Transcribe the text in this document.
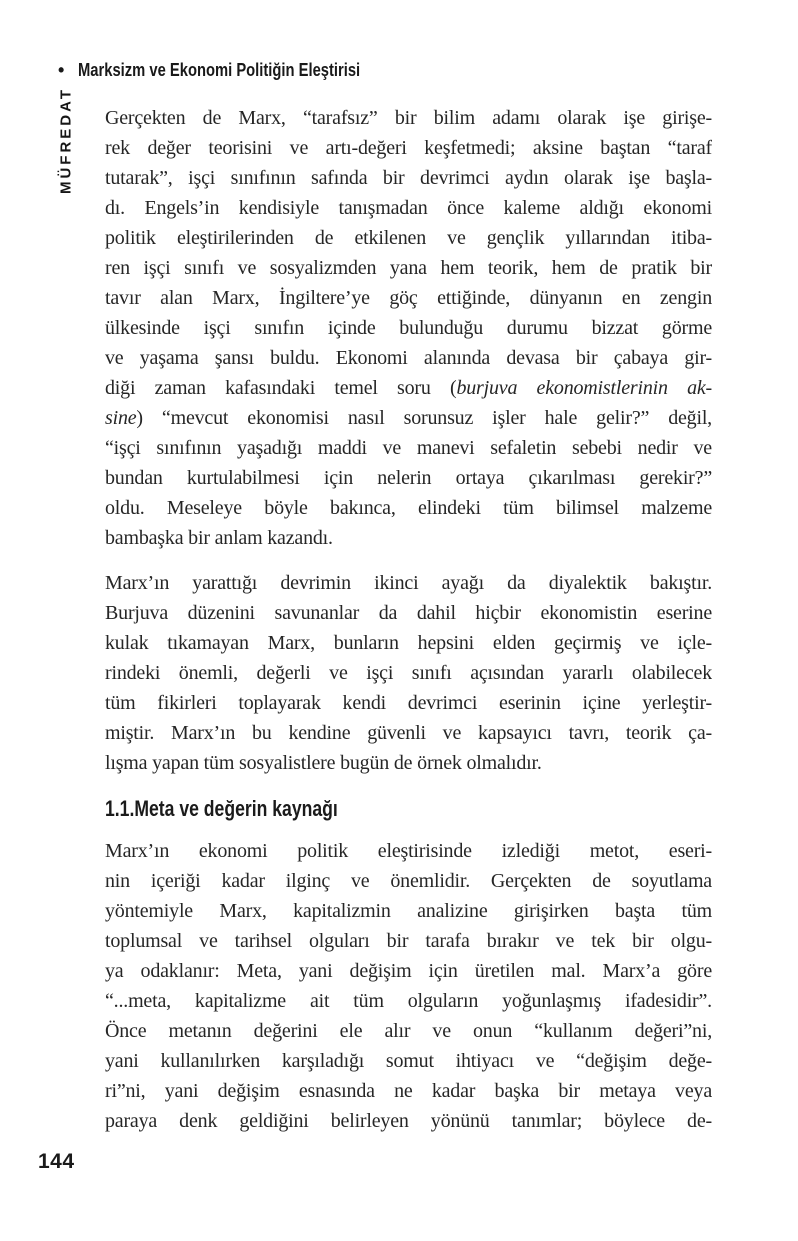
• Marksizm ve Ekonomi Politiğin Eleştirisi
MÜFREDAT Gerçekten de Marx, “tarafsız” bir bilim adamı olarak işe girişe-
rek değer teorisini ve artı-değeri keşfetmedi; aksine baştan “taraf
tutarak”, işçi sınıfının safında bir devrimci aydın olarak işe başla-
dı. Engels’in kendisiyle tanışmadan önce kaleme aldığı ekonomi
politik eleştirilerinden de etkilenen ve gençlik yıllarından itiba-
ren işçi sınıfı ve sosyalizmden yana hem teorik, hem de pratik bir
tavır alan Marx, İngiltere’ye göç ettiğinde, dünyanın en zengin
ülkesinde işçi sınıfın içinde bulunduğu durumu bizzat görme
ve yaşama şansı buldu. Ekonomi alanında devasa bir çabaya gir-
diği zaman kafasındaki temel soru (burjuva ekonomistlerinin ak-
sine) “mevcut ekonomisi nasıl sorunsuz işler hale gelir?” değil,
“işçi sınıfının yaşadığı maddi ve manevi sefaletin sebebi nedir ve
bundan kurtulabilmesi için nelerin ortaya çıkarılması gerekir?”
oldu. Meseleye böyle bakınca, elindeki tüm bilimsel malzeme
bambaşka bir anlam kazandı.
Marx’ın yarattığı devrimin ikinci ayağı da diyalektik bakıştır.
Burjuva düzenini savunanlar da dahil hiçbir ekonomistin eserine
kulak tıkamayan Marx, bunların hepsini elden geçirmiş ve içle-
rindeki önemli, değerli ve işçi sınıfı açısından yararlı olabilecek
tüm fikirleri toplayarak kendi devrimci eserinin içine yerleştir-
miştir. Marx’ın bu kendine güvenli ve kapsayıcı tavrı, teorik ça-
lışma yapan tüm sosyalistlere bugün de örnek olmalıdır.
1.1.Meta ve değerin kaynağı
Marx’ın ekonomi politik eleştirisinde izlediği metot, eseri-
nin içeriği kadar ilginç ve önemlidir. Gerçekten de soyutlama
yöntemiyle Marx, kapitalizmin analizine girişirken başta tüm
toplumsal ve tarihsel olguları bir tarafa bırakır ve tek bir olgu-
ya odaklanır: Meta, yani değişim için üretilen mal. Marx’a göre
“...meta, kapitalizme ait tüm olguların yoğunlaşmış ifadesidir”.
Önce metanın değerini ele alır ve onun “kullanım değeri”ni,
yani kullanılırken karşıladığı somut ihtiyacı ve “değişim değe-
ri”ni, yani değişim esnasında ne kadar başka bir metaya veya
paraya denk geldiğini belirleyen yönünü tanımlar; böylece de-
144
